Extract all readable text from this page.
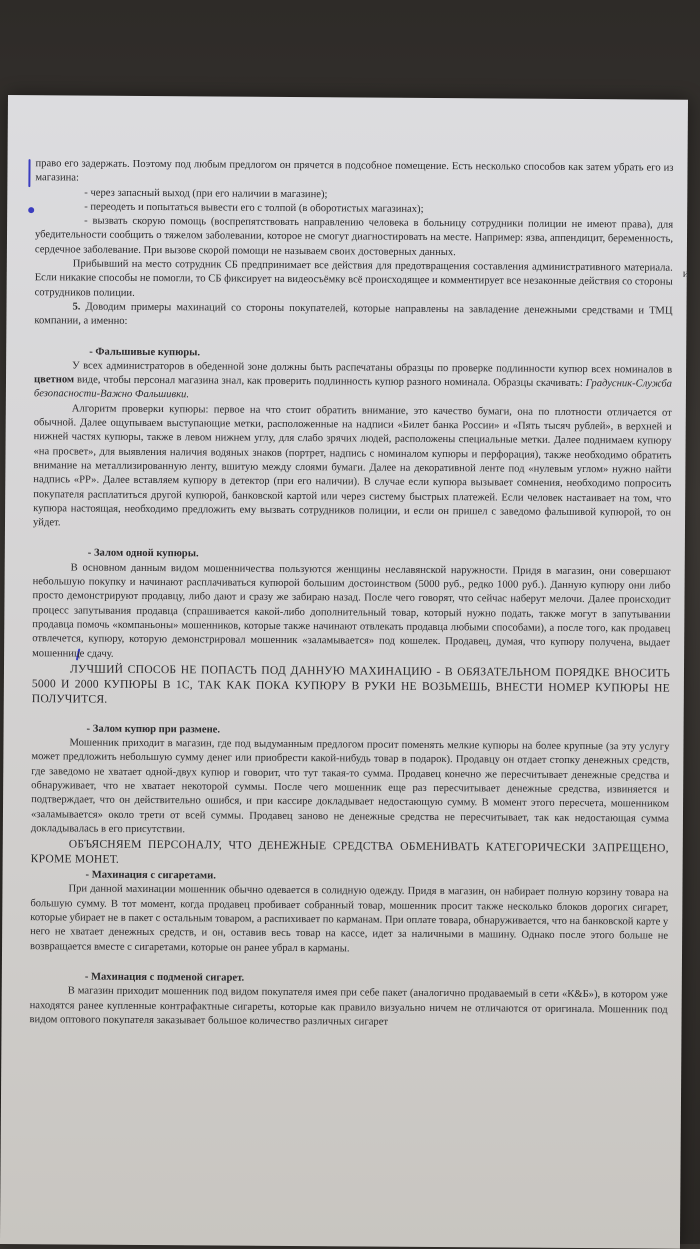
и

право его задержать. Поэтому под любым предлогом он прячется в подсобное помещение. Есть несколько способов как затем убрать его из магазина:

- через запасный выход (при его наличии в магазине);

- переодеть и попытаться вывести его с толпой (в оборотистых магазинах);

- вызвать скорую помощь (воспрепятствовать направлению человека в больницу сотрудники полиции не имеют права), для убедительности сообщить о тяжелом заболевании, которое не смогут диагностировать на месте. Например: язва, аппендицит, беременность, сердечное заболевание. При вызове скорой помощи не называем своих достоверных данных.

Прибывший на место сотрудник СБ предпринимает все действия для предотвращения составления административного материала. Если никакие способы не помогли, то СБ фиксирует на видеосъёмку всё происходящее и комментирует все незаконные действия со стороны сотрудников полиции.

5. Доводим примеры махинаций со стороны покупателей, которые направлены на завладение денежными средствами и ТМЦ компании, а именно:

- Фальшивые купюры.

У всех администраторов в обеденной зоне должны быть распечатаны образцы по проверке подлинности купюр всех номиналов в цветном виде, чтобы персонал магазина знал, как проверить подлинность купюр разного номинала. Образцы скачивать: Градусник-Служба безопасности-Важно Фальшивки.

Алгоритм проверки купюры: первое на что стоит обратить внимание, это качество бумаги, она по плотности отличается от обычной. Далее ощупываем выступающие метки, расположенные на надписи «Билет банка России» и «Пять тысяч рублей», в верхней и нижней частях купюры, также в левом нижнем углу, для слабо зрячих людей, расположены специальные метки. Далее поднимаем купюру «на просвет», для выявления наличия водяных знаков (портрет, надпись с номиналом купюры и перфорация), также необходимо обратить внимание на металлизированную ленту, вшитую между слоями бумаги. Далее на декоративной ленте под «нулевым углом» нужно найти надпись «РР». Далее вставляем купюру в детектор (при его наличии). В случае если купюра вызывает сомнения, необходимо попросить покупателя расплатиться другой купюрой, банковской картой или через систему быстрых платежей. Если человек настаивает на том, что купюра настоящая, необходимо предложить ему вызвать сотрудников полиции, и если он пришел с заведомо фальшивой купюрой, то он уйдет.

- Залом одной купюры.

В основном данным видом мошенничества пользуются женщины неславянской наружности. Придя в магазин, они совершают небольшую покупку и начинают расплачиваться купюрой большим достоинством (5000 руб., редко 1000 руб.). Данную купюру они либо просто демонстрируют продавцу, либо дают и сразу же забираю назад. После чего говорят, что сейчас наберут мелочи. Далее происходит процесс запутывания продавца (спрашивается какой-либо дополнительный товар, который нужно подать, также могут в запутывании продавца помочь «компаньоны» мошенников, которые также начинают отвлекать продавца любыми способами), а после того, как продавец отвлечется, купюру, которую демонстрировал мошенник «заламывается» под кошелек. Продавец, думая, что купюру получена, выдает мошеннице сдачу.

ЛУЧШИЙ СПОСОБ НЕ ПОПАСТЬ ПОД ДАННУЮ МАХИНАЦИЮ - В ОБЯЗАТЕЛЬНОМ ПОРЯДКЕ ВНОСИТЬ 5000 И 2000 КУПЮРЫ В 1С, ТАК КАК ПОКА КУПЮРУ В РУКИ НЕ ВОЗЬМЕШЬ, ВНЕСТИ НОМЕР КУПЮРЫ НЕ ПОЛУЧИТСЯ.

- Залом купюр при размене.

Мошенник приходит в магазин, где под выдуманным предлогом просит поменять мелкие купюры на более крупные (за эту услугу может предложить небольшую сумму денег или приобрести какой-нибудь товар в подарок). Продавцу он отдает стопку денежных средств, где заведомо не хватает одной-двух купюр и говорит, что тут такая-то сумма. Продавец конечно же пересчитывает денежные средства и обнаруживает, что не хватает некоторой суммы. После чего мошенник еще раз пересчитывает денежные средства, извиняется и подтверждает, что он действительно ошибся, и при кассире докладывает недостающую сумму. В момент этого пересчета, мошенником «заламывается» около трети от всей суммы. Продавец заново не денежные средства не пересчитывает, так как недостающая сумма докладывалась в его присутствии.

ОБЪЯСНЯЕМ ПЕРСОНАЛУ, ЧТО ДЕНЕЖНЫЕ СРЕДСТВА ОБМЕНИВАТЬ КАТЕГОРИЧЕСКИ ЗАПРЕЩЕНО, КРОМЕ МОНЕТ.

- Махинация с сигаретами.

При данной махинации мошенник обычно одевается в солидную одежду. Придя в магазин, он набирает полную корзину товара на большую сумму. В тот момент, когда продавец пробивает собранный товар, мошенник просит также несколько блоков дорогих сигарет, которые убирает не в пакет с остальным товаром, а распихивает по карманам. При оплате товара, обнаруживается, что на банковской карте у него не хватает денежных средств, и он, оставив весь товар на кассе, идет за наличными в машину. Однако после этого больше не возвращается вместе с сигаретами, которые он ранее убрал в карманы.

- Махинация с подменой сигарет.

В магазин приходит мошенник под видом покупателя имея при себе пакет (аналогично продаваемый в сети «К&Б»), в котором уже находятся ранее купленные контрафактные сигареты, которые как правило визуально ничем не отличаются от оригинала. Мошенник под видом оптового покупателя заказывает большое количество различных сигарет
